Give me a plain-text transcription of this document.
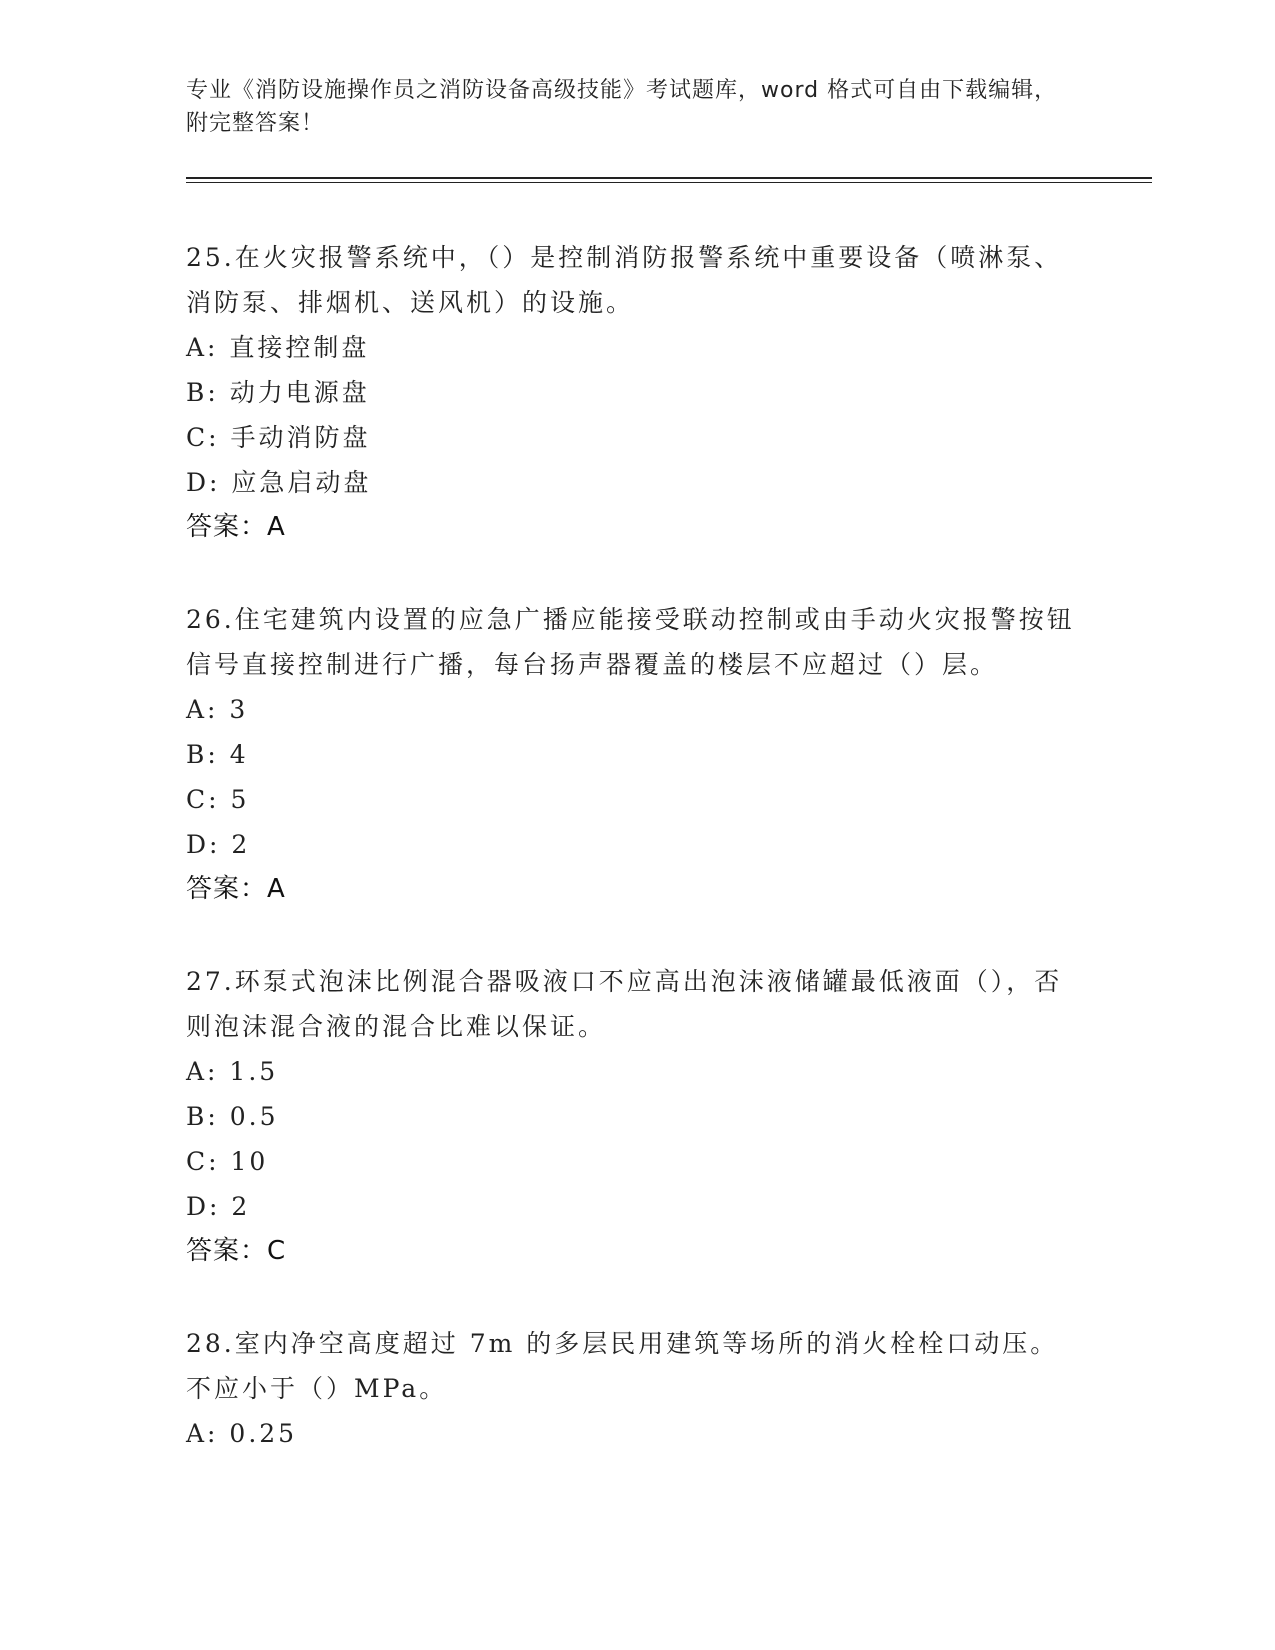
专业《消防设施操作员之消防设备高级技能》考试题库，word 格式可自由下载编辑，附完整答案！
25.在火灾报警系统中，（）是控制消防报警系统中重要设备（喷淋泵、消防泵、排烟机、送风机）的设施。
A: 直接控制盘
B: 动力电源盘
C: 手动消防盘
D: 应急启动盘
答案：A
26.住宅建筑内设置的应急广播应能接受联动控制或由手动火灾报警按钮信号直接控制进行广播，每台扬声器覆盖的楼层不应超过（）层。
A: 3
B: 4
C: 5
D: 2
答案：A
27.环泵式泡沫比例混合器吸液口不应高出泡沫液储罐最低液面（），否则泡沫混合液的混合比难以保证。
A: 1.5
B: 0.5
C: 10
D: 2
答案：C
28.室内净空高度超过 7m 的多层民用建筑等场所的消火栓栓口动压。不应小于（）MPa。
A: 0.25
